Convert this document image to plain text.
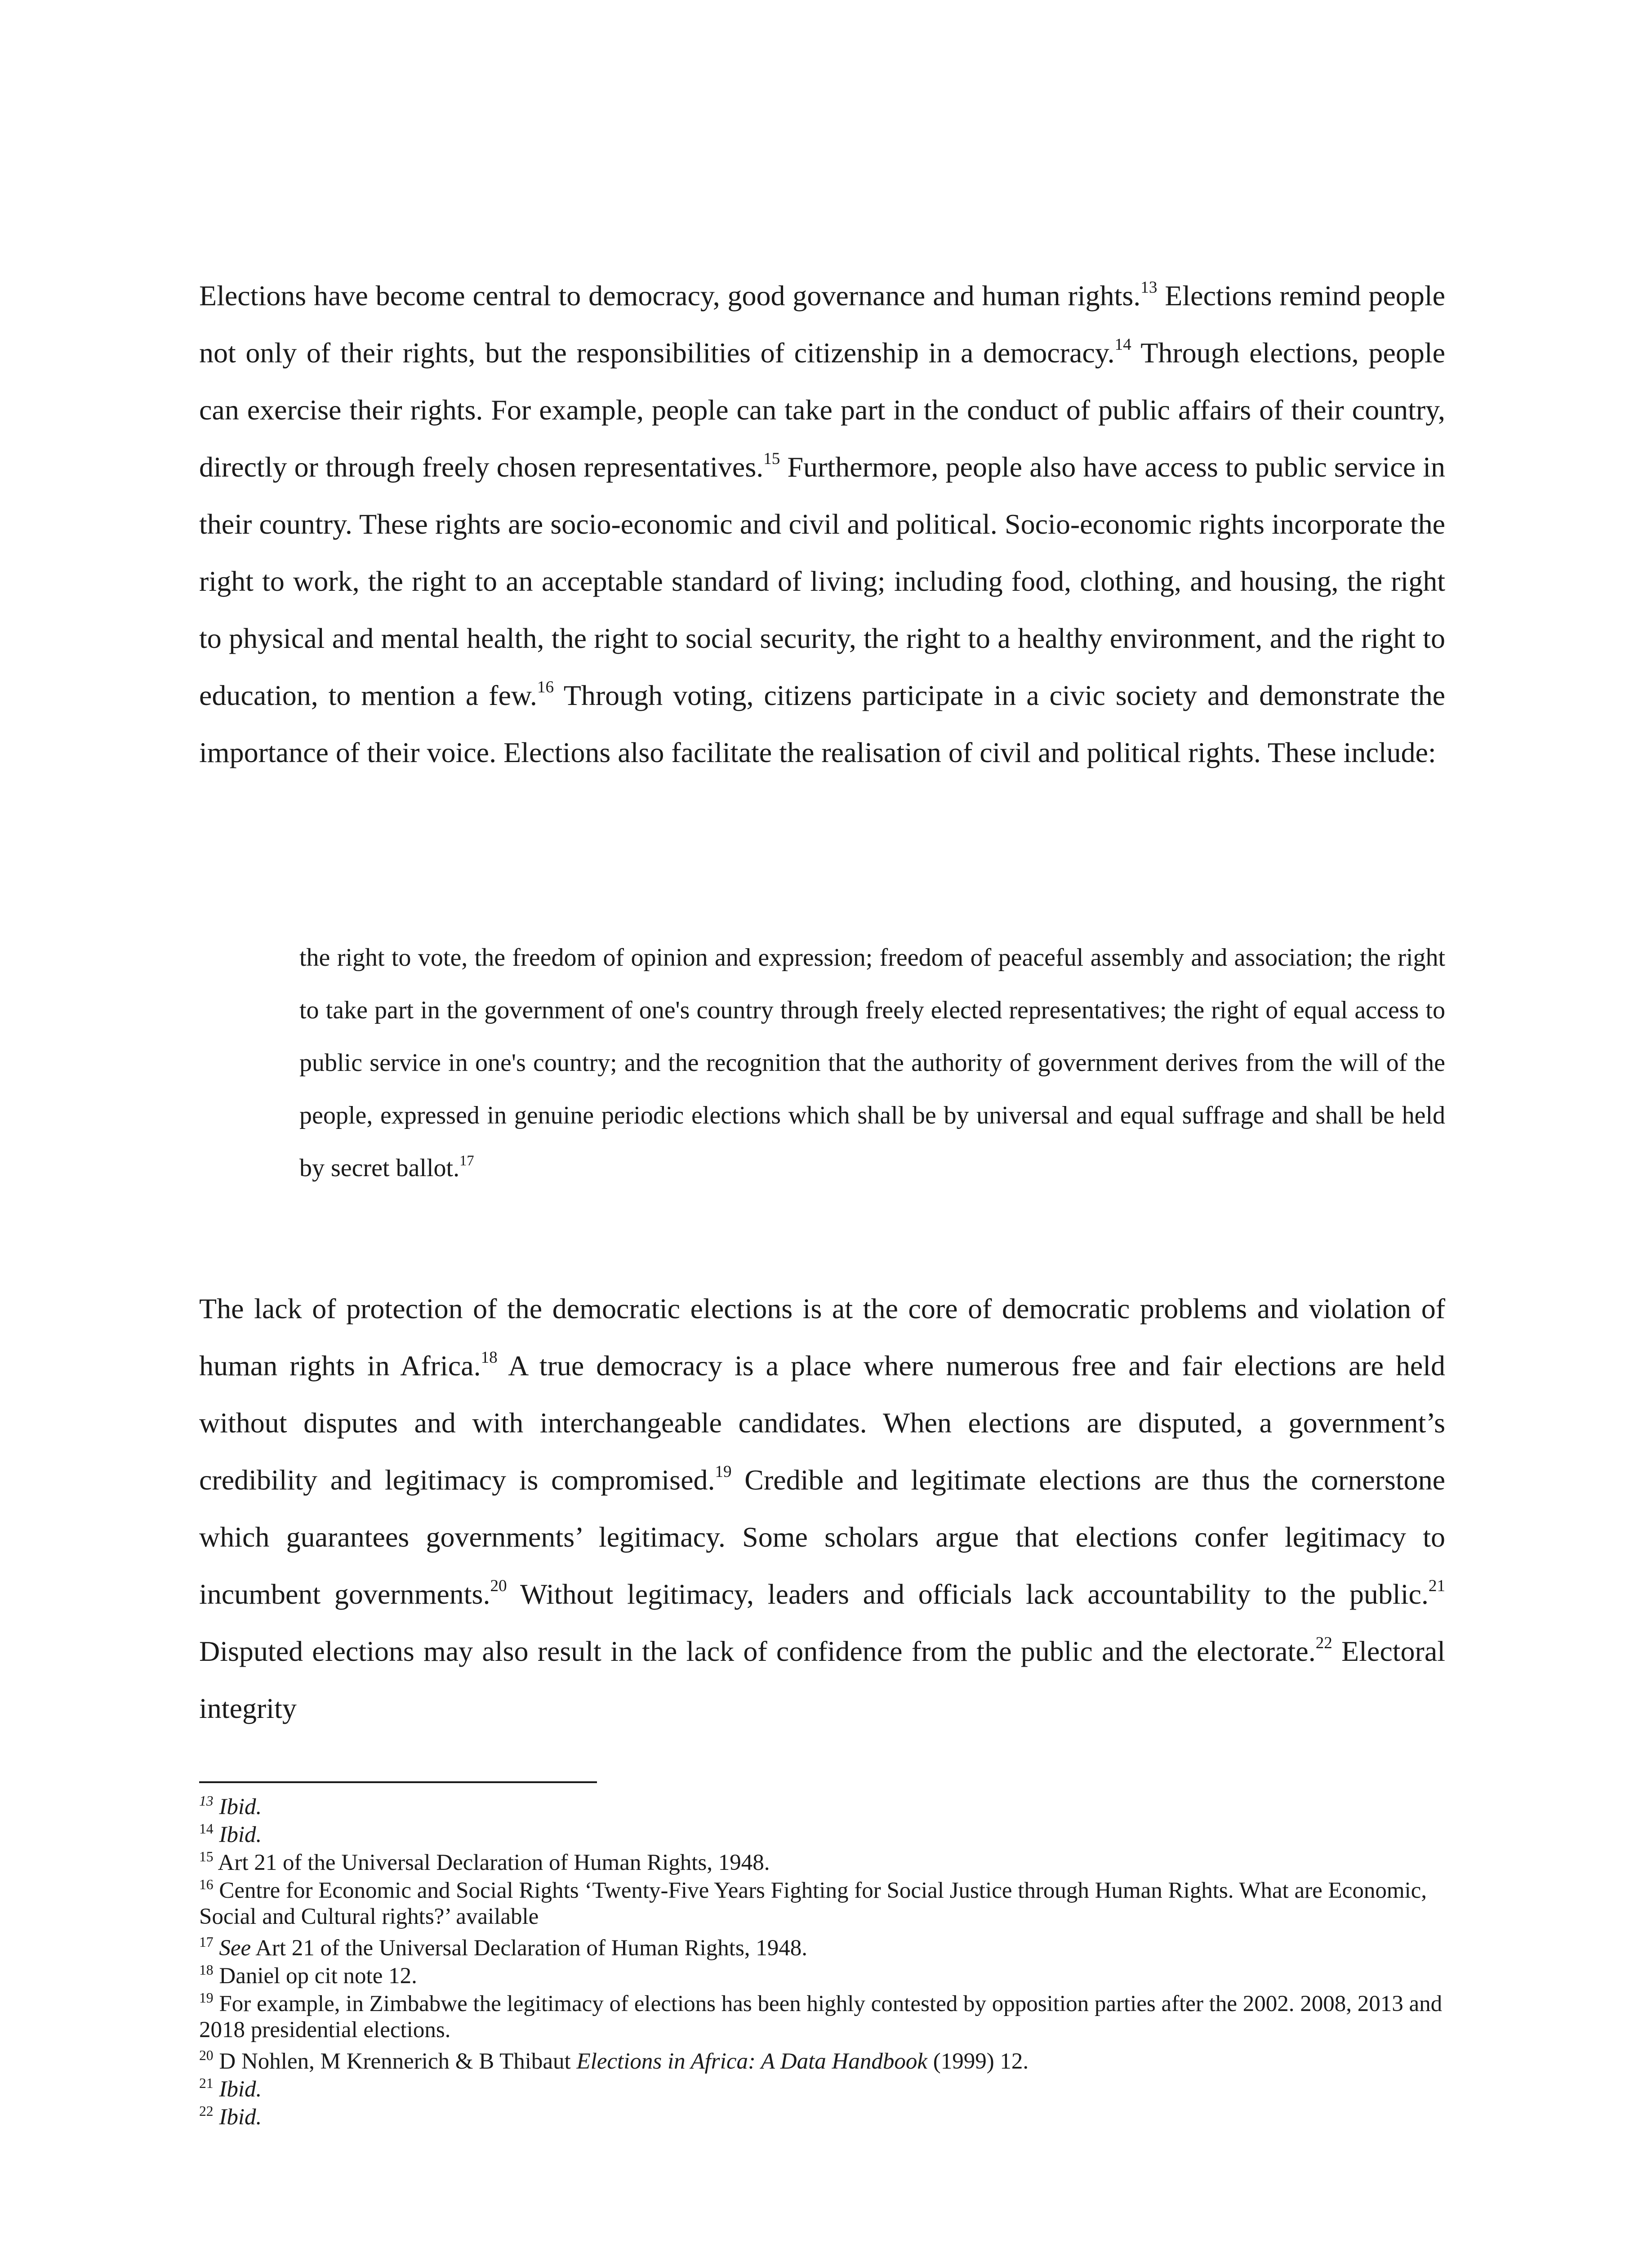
Elections have become central to democracy, good governance and human rights.$^{13}$ Elections remind people not only of their rights, but the responsibilities of citizenship in a democracy.$^{14}$ Through elections, people can exercise their rights. For example, people can take part in the conduct of public affairs of their country, directly or through freely chosen representatives.$^{15}$ Furthermore, people also have access to public service in their country. These rights are socio-economic and civil and political. Socio-economic rights incorporate the right to work, the right to an acceptable standard of living; including food, clothing, and housing, the right to physical and mental health, the right to social security, the right to a healthy environment, and the right to education, to mention a few.$^{16}$ Through voting, citizens participate in a civic society and demonstrate the importance of their voice. Elections also facilitate the realisation of civil and political rights. These include:

the right to vote, the freedom of opinion and expression; freedom of peaceful assembly and association; the right to take part in the government of one's country through freely elected representatives; the right of equal access to public service in one's country; and the recognition that the authority of government derives from the will of the people, expressed in genuine periodic elections which shall be by universal and equal suffrage and shall be held by secret ballot.$^{17}$

The lack of protection of the democratic elections is at the core of democratic problems and violation of human rights in Africa.$^{18}$ A true democracy is a place where numerous free and fair elections are held without disputes and with interchangeable candidates. When elections are disputed, a government’s credibility and legitimacy is compromised.$^{19}$ Credible and legitimate elections are thus the cornerstone which guarantees governments’ legitimacy. Some scholars argue that elections confer legitimacy to incumbent governments.$^{20}$ Without legitimacy, leaders and officials lack accountability to the public.$^{21}$ Disputed elections may also result in the lack of confidence from the public and the electorate.$^{22}$ Electoral integrity

$^{13}$ Ibid.
$^{14}$ Ibid.
$^{15}$ Art 21 of the Universal Declaration of Human Rights, 1948.
$^{16}$ Centre for Economic and Social Rights ‘Twenty-Five Years Fighting for Social Justice through Human Rights. What are Economic, Social and Cultural rights?’ available
$^{17}$ See Art 21 of the Universal Declaration of Human Rights, 1948.
$^{18}$ Daniel op cit note 12.
$^{19}$ For example, in Zimbabwe the legitimacy of elections has been highly contested by opposition parties after the 2002. 2008, 2013 and 2018 presidential elections.
$^{20}$ D Nohlen, M Krennerich & B Thibaut Elections in Africa: A Data Handbook (1999) 12.
$^{21}$ Ibid.
$^{22}$ Ibid.
